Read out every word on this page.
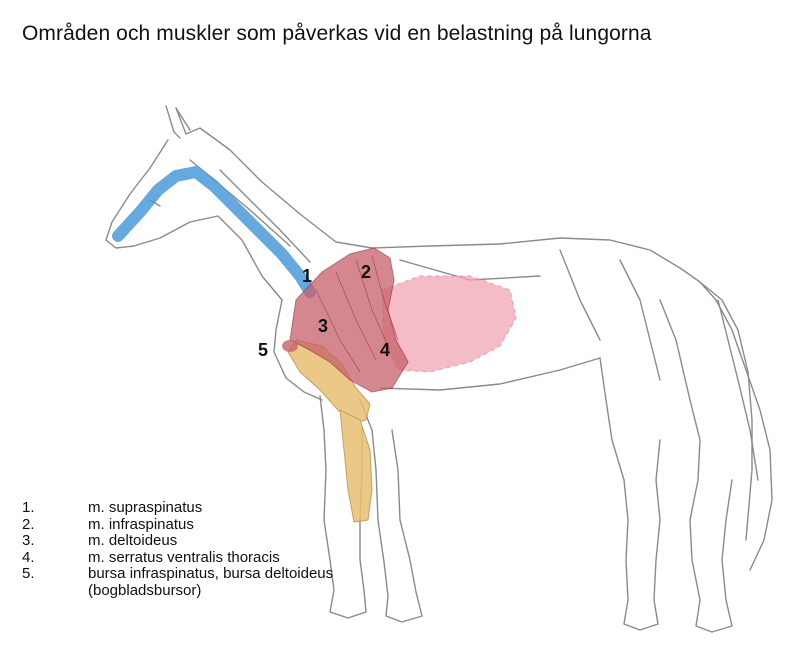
Områden och muskler som påverkas vid en belastning på lungorna
1	2
3
4
5
1.	m. supraspinatus
2.	m. infraspinatus
3.	m. deltoideus
4.	m. serratus ventralis thoracis
5.	bursa infraspinatus, bursa deltoideus
(bogbladsbursor)
